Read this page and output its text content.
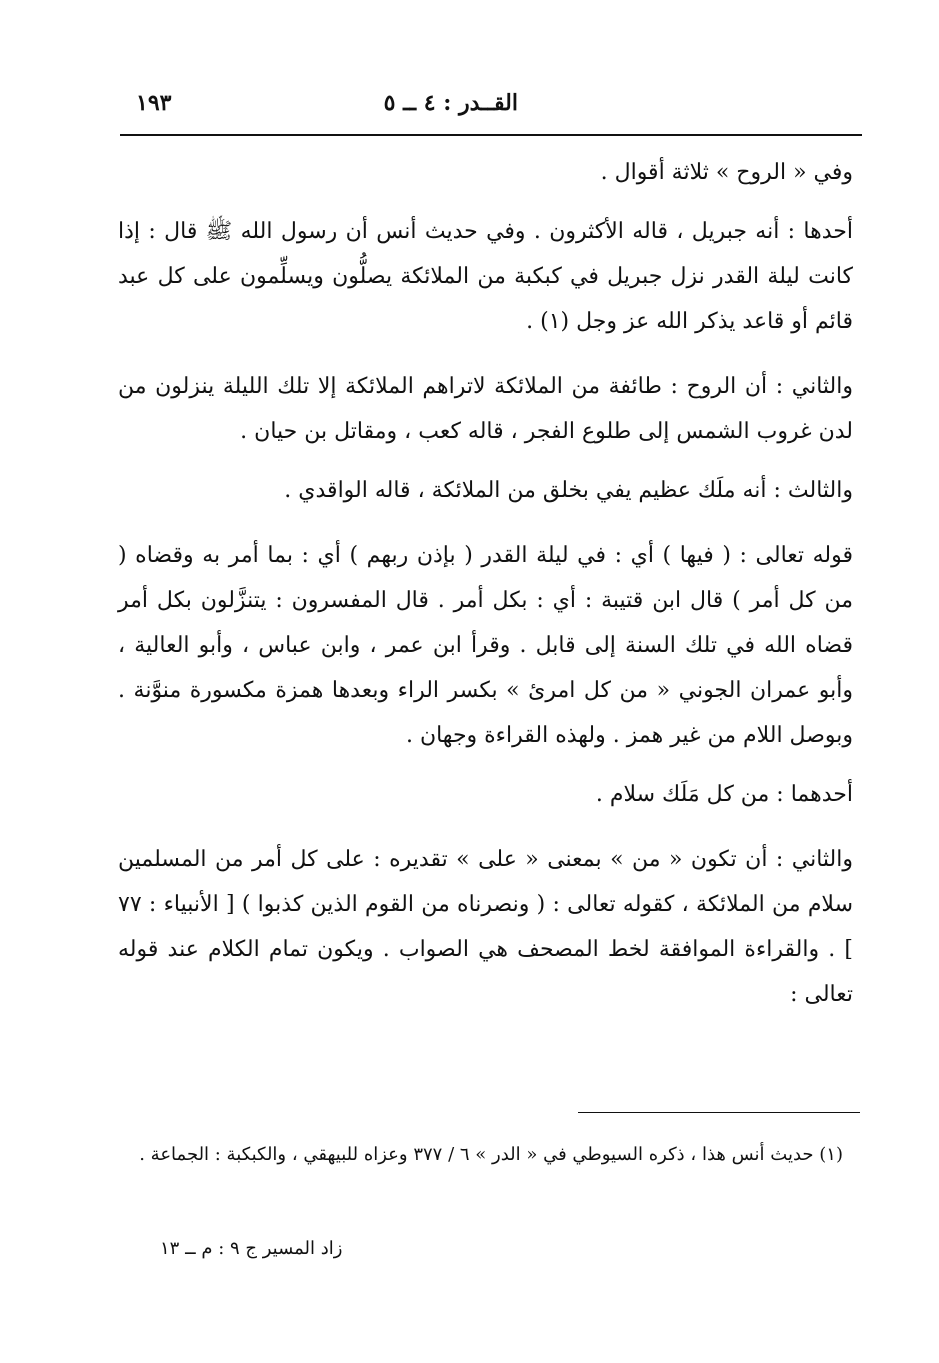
القــدر : ٤ ــ ٥
١٩٣

وفي « الروح » ثلاثة أقوال .

أحدها : أنه جبريل ، قاله الأكثرون . وفي حديث أنس أن رسول الله ﷺ قال : إذا كانت ليلة القدر نزل جبريل في كبكبة من الملائكة يصلُّون ويسلِّمون على كل عبد قائم أو قاعد يذكر الله عز وجل (١) .

والثاني : أن الروح : طائفة من الملائكة لاتراهم الملائكة إلا تلك الليلة ينزلون من لدن غروب الشمس إلى طلوع الفجر ، قاله كعب ، ومقاتل بن حيان .

والثالث : أنه ملَك عظيم يفي بخلق من الملائكة ، قاله الواقدي .

قوله تعالى : ( فيها ) أي : في ليلة القدر ( بإذن ربهم ) أي : بما أمر به وقضاه ( من كل أمر ) قال ابن قتيبة : أي : بكل أمر . قال المفسرون : يتنزَّلون بكل أمر قضاه الله في تلك السنة إلى قابل . وقرأ ابن عمر ، وابن عباس ، وأبو العالية ، وأبو عمران الجوني « من كل امرئ » بكسر الراء وبعدها همزة مكسورة منوَّنة . وبوصل اللام من غير همز . ولهذه القراءة وجهان .

أحدهما : من كل مَلَك سلام .

والثاني : أن تكون « من » بمعنى « على » تقديره : على كل أمر من المسلمين سلام من الملائكة ، كقوله تعالى : ( ونصرناه من القوم الذين كذبوا ) [ الأنبياء : ٧٧ ] . والقراءة الموافقة لخط المصحف هي الصواب . ويكون تمام الكلام عند قوله تعالى :

(١) حديث أنس هذا ، ذكره السيوطي في « الدر » ٦ / ٣٧٧ وعزاه للبيهقي ، والكبكبة : الجماعة .

زاد المسير ج ٩ : م ــ ١٣
